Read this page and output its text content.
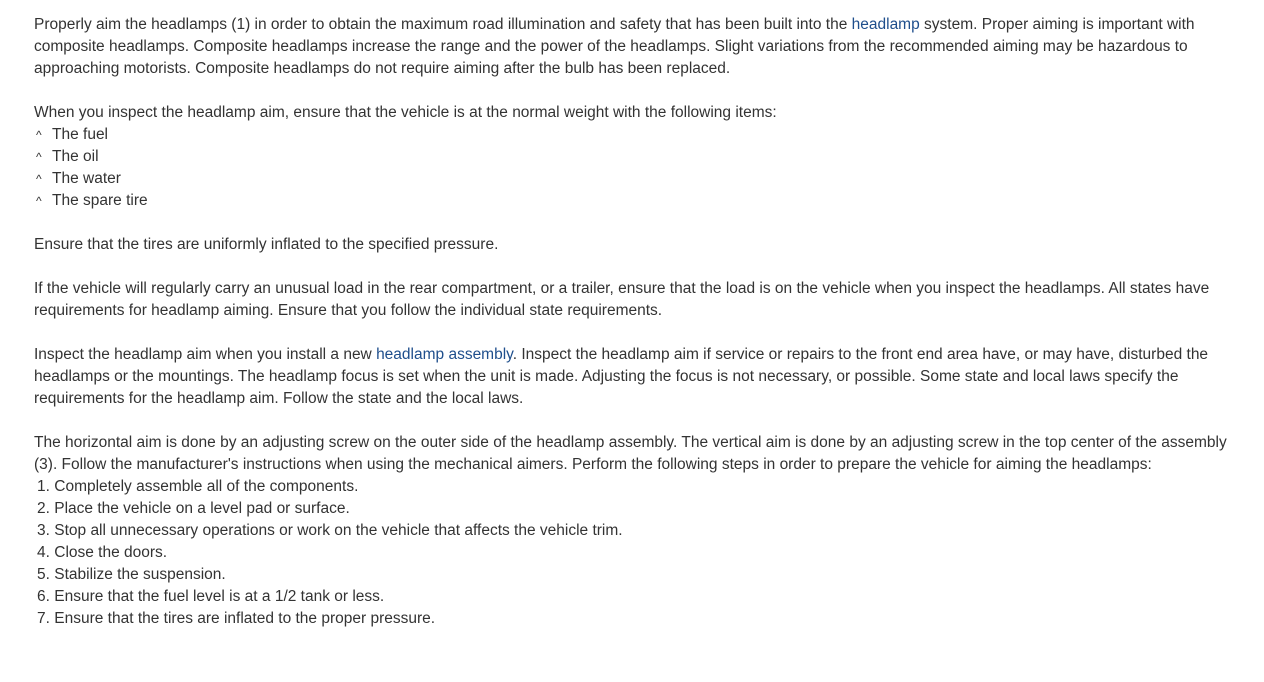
Properly aim the headlamps (1) in order to obtain the maximum road illumination and safety that has been built into the headlamp system. Proper aiming is important with composite headlamps. Composite headlamps increase the range and the power of the headlamps. Slight variations from the recommended aiming may be hazardous to approaching motorists. Composite headlamps do not require aiming after the bulb has been replaced.

When you inspect the headlamp aim, ensure that the vehicle is at the normal weight with the following items:
^ The fuel
^ The oil
^ The water
^ The spare tire

Ensure that the tires are uniformly inflated to the specified pressure.

If the vehicle will regularly carry an unusual load in the rear compartment, or a trailer, ensure that the load is on the vehicle when you inspect the headlamps. All states have requirements for headlamp aiming. Ensure that you follow the individual state requirements.

Inspect the headlamp aim when you install a new headlamp assembly. Inspect the headlamp aim if service or repairs to the front end area have, or may have, disturbed the headlamps or the mountings. The headlamp focus is set when the unit is made. Adjusting the focus is not necessary, or possible. Some state and local laws specify the requirements for the headlamp aim. Follow the state and the local laws.

The horizontal aim is done by an adjusting screw on the outer side of the headlamp assembly. The vertical aim is done by an adjusting screw in the top center of the assembly (3). Follow the manufacturer's instructions when using the mechanical aimers. Perform the following steps in order to prepare the vehicle for aiming the headlamps:
1. Completely assemble all of the components.
2. Place the vehicle on a level pad or surface.
3. Stop all unnecessary operations or work on the vehicle that affects the vehicle trim.
4. Close the doors.
5. Stabilize the suspension.
6. Ensure that the fuel level is at a 1/2 tank or less.
7. Ensure that the tires are inflated to the proper pressure.
